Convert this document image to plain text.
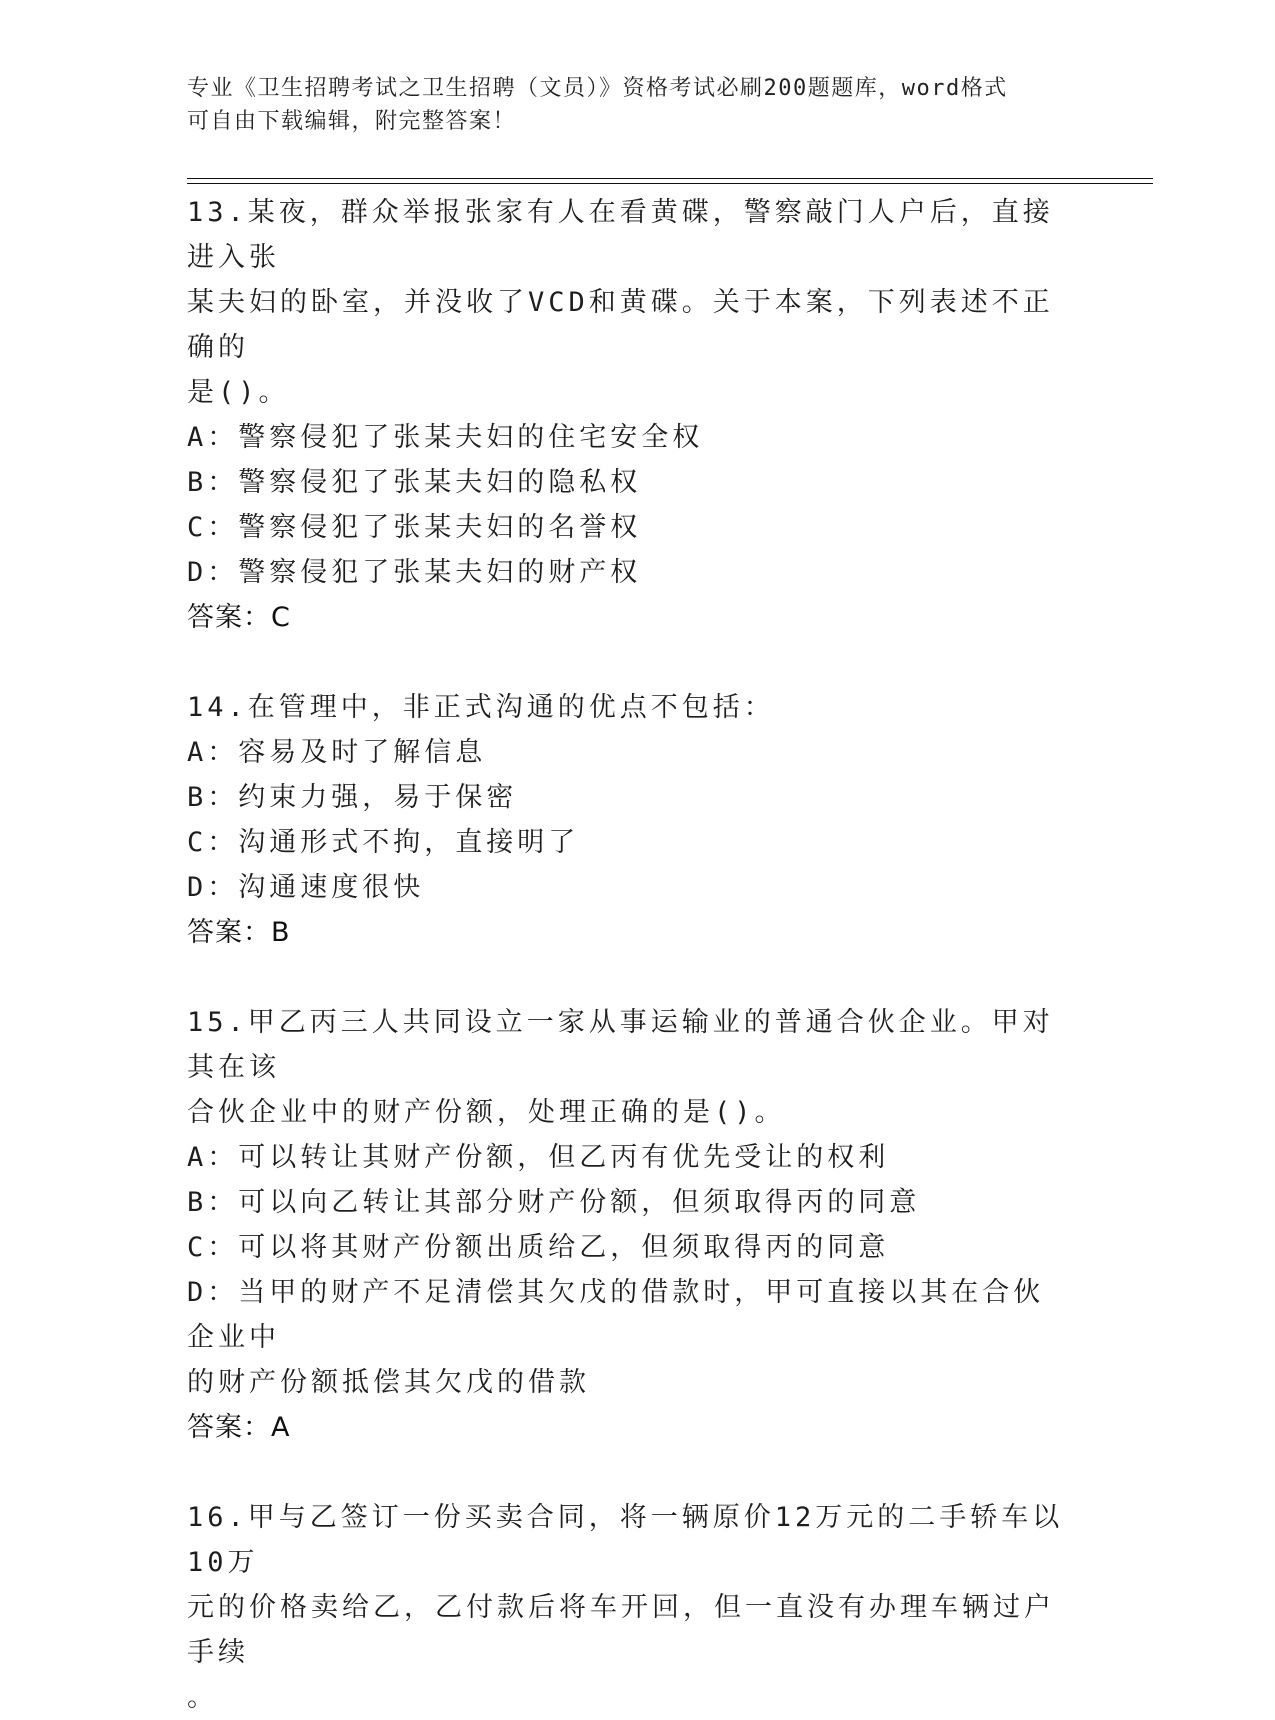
专业《卫生招聘考试之卫生招聘（文员）》资格考试必刷200题题库，word格式
可自由下载编辑，附完整答案！

13.某夜，群众举报张家有人在看黄碟，警察敲门人户后，直接进入张

某夫妇的卧室，并没收了VCD和黄碟。关于本案，下列表述不正确的

是()。

A：警察侵犯了张某夫妇的住宅安全权

B：警察侵犯了张某夫妇的隐私权

C：警察侵犯了张某夫妇的名誉权

D：警察侵犯了张某夫妇的财产权

答案：C

14.在管理中，非正式沟通的优点不包括：

A：容易及时了解信息

B：约束力强，易于保密

C：沟通形式不拘，直接明了

D：沟通速度很快

答案：B

15.甲乙丙三人共同设立一家从事运输业的普通合伙企业。甲对其在该

合伙企业中的财产份额，处理正确的是()。

A：可以转让其财产份额，但乙丙有优先受让的权利

B：可以向乙转让其部分财产份额，但须取得丙的同意

C：可以将其财产份额出质给乙，但须取得丙的同意

D：当甲的财产不足清偿其欠戊的借款时，甲可直接以其在合伙企业中

的财产份额抵偿其欠戊的借款

答案：A

16.甲与乙签订一份买卖合同，将一辆原价12万元的二手轿车以10万

元的价格卖给乙，乙付款后将车开回，但一直没有办理车辆过户手续

。
